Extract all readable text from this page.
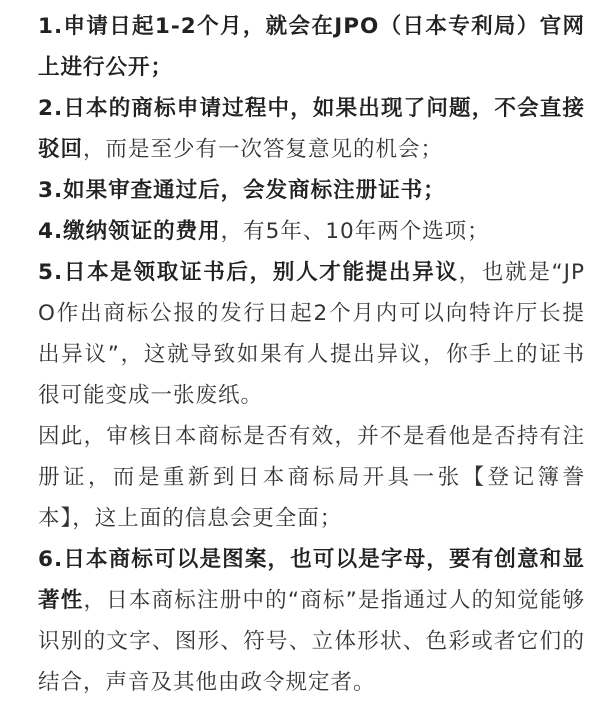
1.申请日起1-2个月，就会在JPO（日本专利局）官网上进行公开；

2.日本的商标申请过程中，如果出现了问题，不会直接驳回，而是至少有一次答复意见的机会；

3.如果审查通过后，会发商标注册证书；

4.缴纳领证的费用，有5年、10年两个选项；

5.日本是领取证书后，别人才能提出异议，也就是“JPO作出商标公报的发行日起2个月内可以向特许厅长提出异议”，这就导致如果有人提出异议，你手上的证书很可能变成一张废纸。

因此，审核日本商标是否有效，并不是看他是否持有注册证，而是重新到日本商标局开具一张【登记簿誊本】，这上面的信息会更全面；

6.日本商标可以是图案，也可以是字母，要有创意和显著性，日本商标注册中的“商标”是指通过人的知觉能够识别的文字、图形、符号、立体形状、色彩或者它们的结合，声音及其他由政令规定者。
